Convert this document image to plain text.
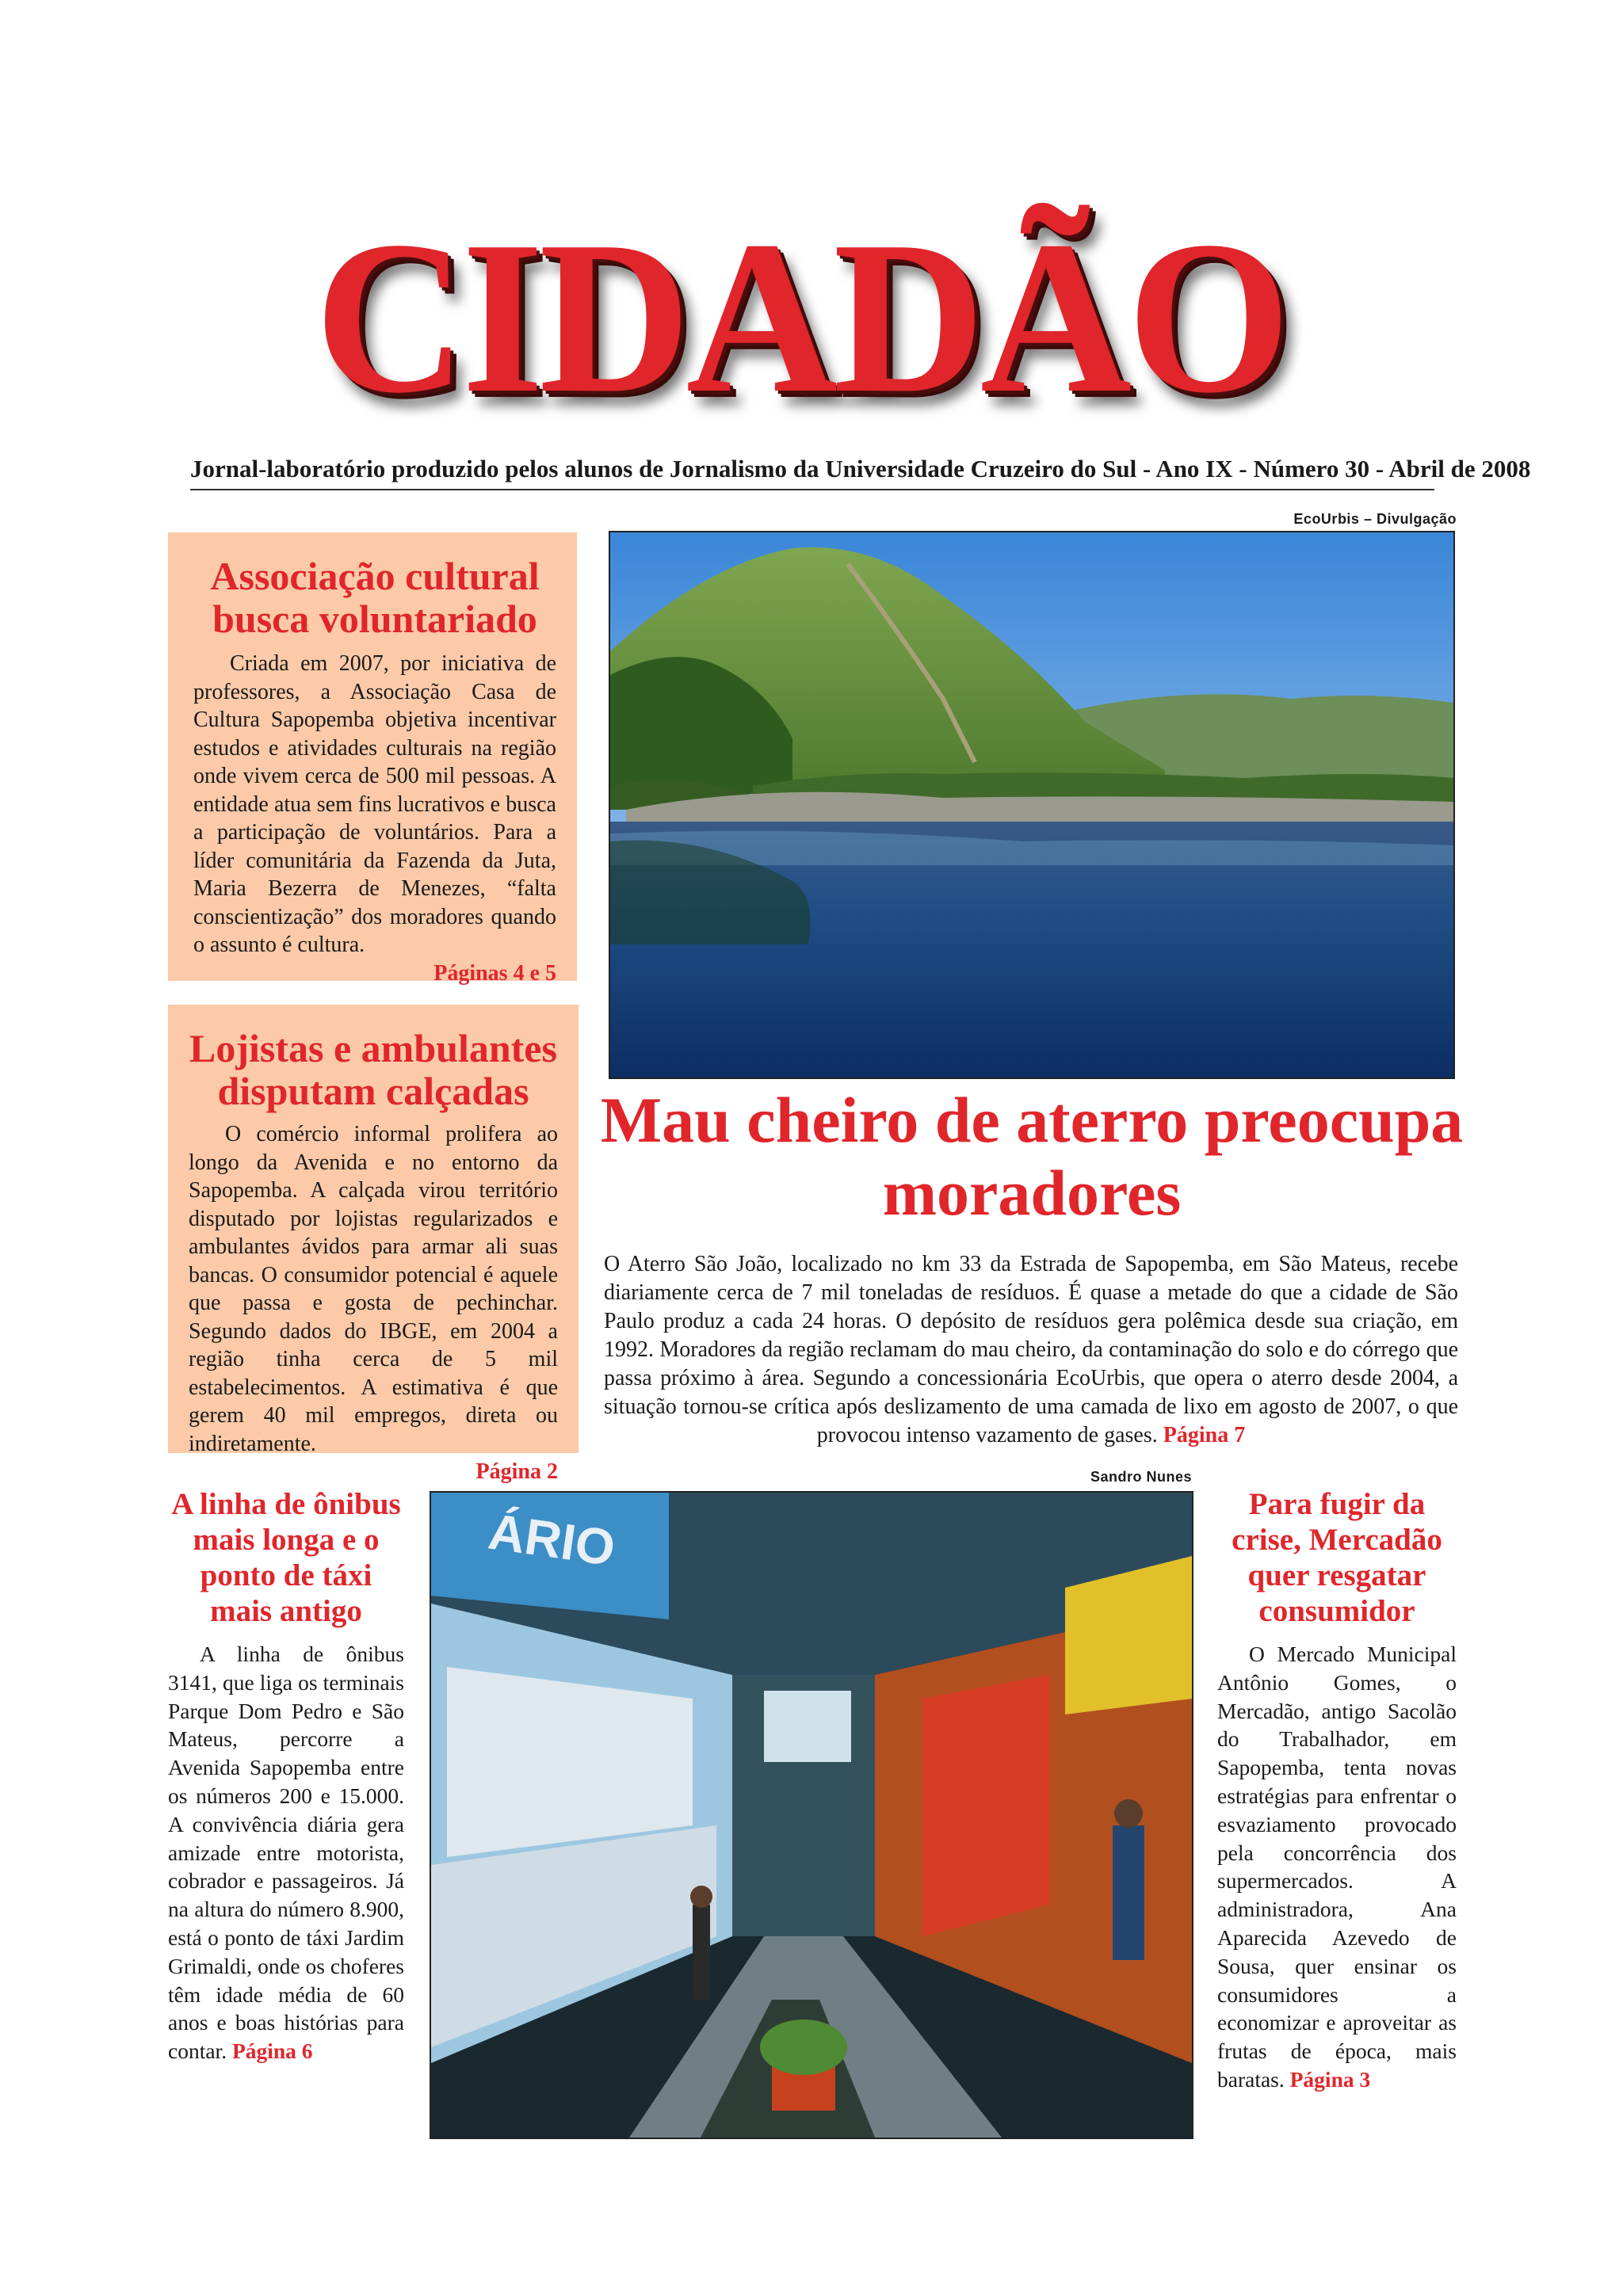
CIDADÃO
Jornal-laboratório produzido pelos alunos de Jornalismo da Universidade Cruzeiro do Sul - Ano IX - Número 30 - Abril de 2008
Associação cultural busca voluntariado

Criada em 2007, por iniciativa de professores, a Associação Casa de Cultura Sapopemba objetiva incentivar estudos e atividades culturais na região onde vivem cerca de 500 mil pessoas. A entidade atua sem fins lucrativos e busca a participação de voluntários. Para a líder comunitária da Fazenda da Juta, Maria Bezerra de Menezes, “falta conscientização” dos moradores quando o assunto é cultura.

Páginas 4 e 5

Lojistas e ambulantes disputam calçadas

O comércio informal prolifera ao longo da Avenida e no entorno da Sapopemba. A calçada virou território disputado por lojistas regularizados e ambulantes ávidos para armar ali suas bancas. O consumidor potencial é aquele que passa e gosta de pechinchar. Segundo dados do IBGE, em 2004 a região tinha cerca de 5 mil estabelecimentos. A estimativa é que gerem 40 mil empregos, direta ou indiretamente.

Página 2

EcoUrbis – Divulgação
Mau cheiro de aterro preocupa moradores
O Aterro São João, localizado no km 33 da Estrada de Sapopemba, em São Mateus, recebe diariamente cerca de 7 mil toneladas de resíduos. É quase a metade do que a cidade de São Paulo produz a cada 24 horas. O depósito de resíduos gera polêmica desde sua criação, em 1992. Moradores da região reclamam do mau cheiro, da contaminação do solo e do córrego que passa próximo à área. Segundo a concessionária EcoUrbis, que opera o aterro desde 2004, a situação tornou-se crítica após deslizamento de uma camada de lixo em agosto de 2007, o que provocou intenso vazamento de gases. Página 7
Sandro Nunes
ÁRIO
A linha de ônibus mais longa e o ponto de táxi mais antigo

A linha de ônibus 3141, que liga os terminais Parque Dom Pedro e São Mateus, percorre a Avenida Sapopemba entre os números 200 e 15.000. A convivência diária gera amizade entre motorista, cobrador e passageiros. Já na altura do número 8.900, está o ponto de táxi Jardim Grimaldi, onde os choferes têm idade média de 60 anos e boas histórias para contar. Página 6

Para fugir da crise, Mercadão quer resgatar consumidor

O Mercado Municipal Antônio Gomes, o Mercadão, antigo Sacolão do Trabalhador, em Sapopemba, tenta novas estratégias para enfrentar o esvaziamento provocado pela concorrência dos supermercados. A administradora, Ana Aparecida Azevedo de Sousa, quer ensinar os consumidores a economizar e aproveitar as frutas de época, mais baratas. Página 3
